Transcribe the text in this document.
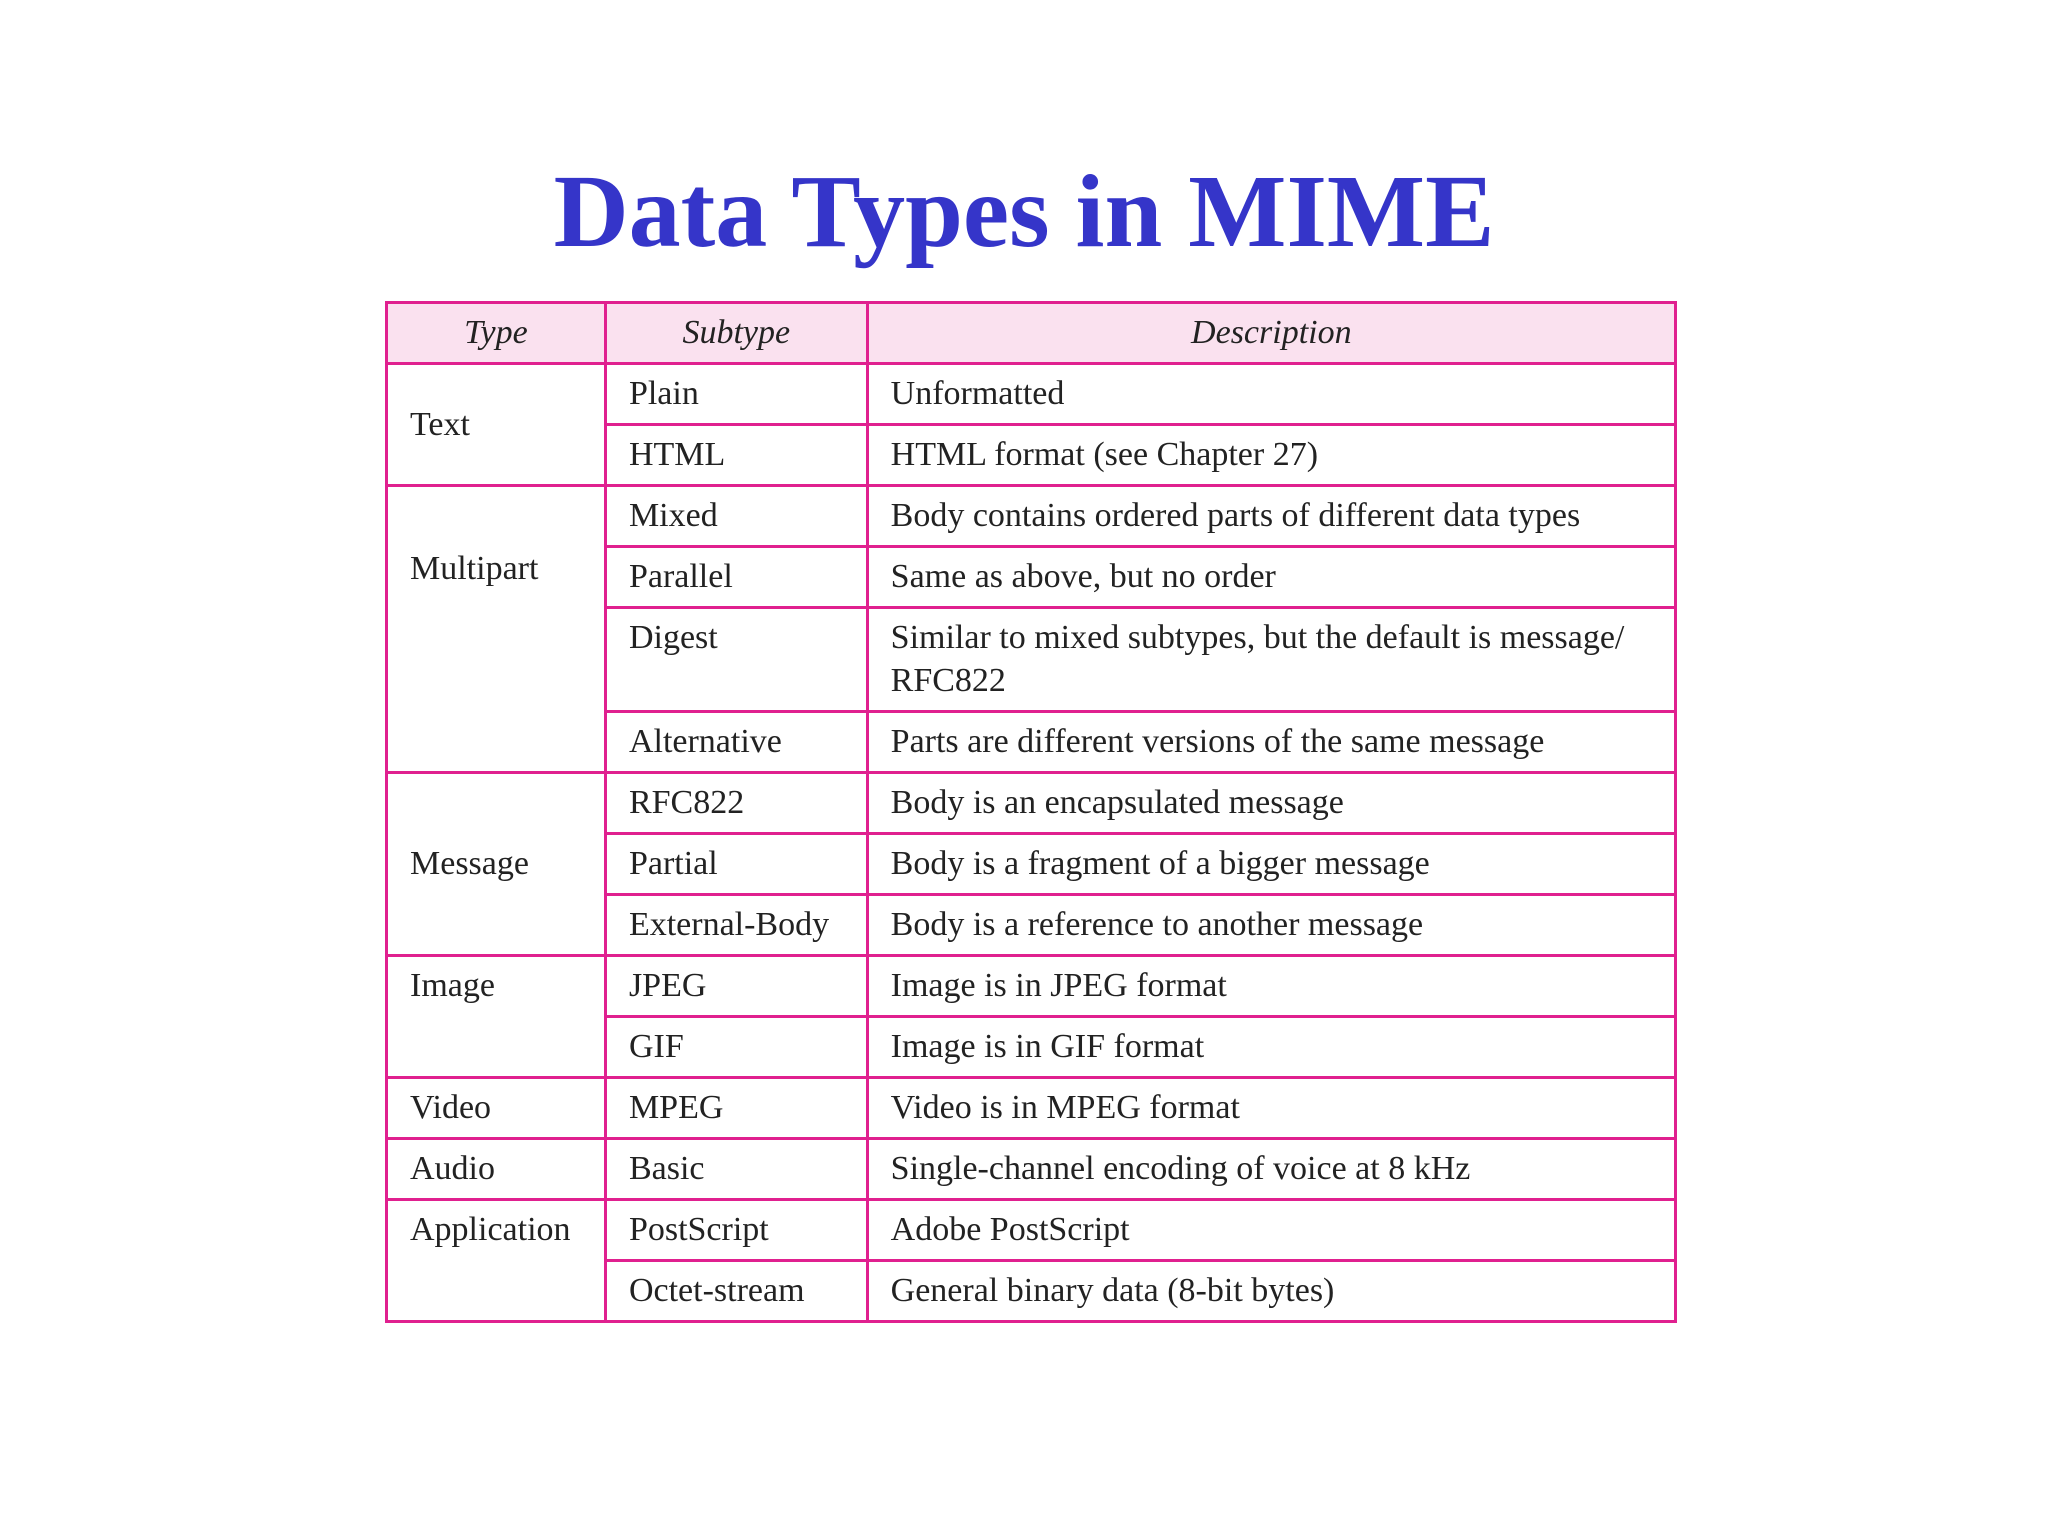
Data Types in MIME
Type	Subtype	Description
Text	Plain	Unformatted
	HTML	HTML format (see Chapter 27)
Multipart	Mixed	Body contains ordered parts of different data types
	Parallel	Same as above, but no order
	Digest	Similar to mixed subtypes, but the default is message/ RFC822
	Alternative	Parts are different versions of the same message
Message	RFC822	Body is an encapsulated message
	Partial	Body is a fragment of a bigger message
	External-Body	Body is a reference to another message
Image	JPEG	Image is in JPEG format
	GIF	Image is in GIF format
Video	MPEG	Video is in MPEG format
Audio	Basic	Single-channel encoding of voice at 8 kHz
Application	PostScript	Adobe PostScript
	Octet-stream	General binary data (8-bit bytes)
